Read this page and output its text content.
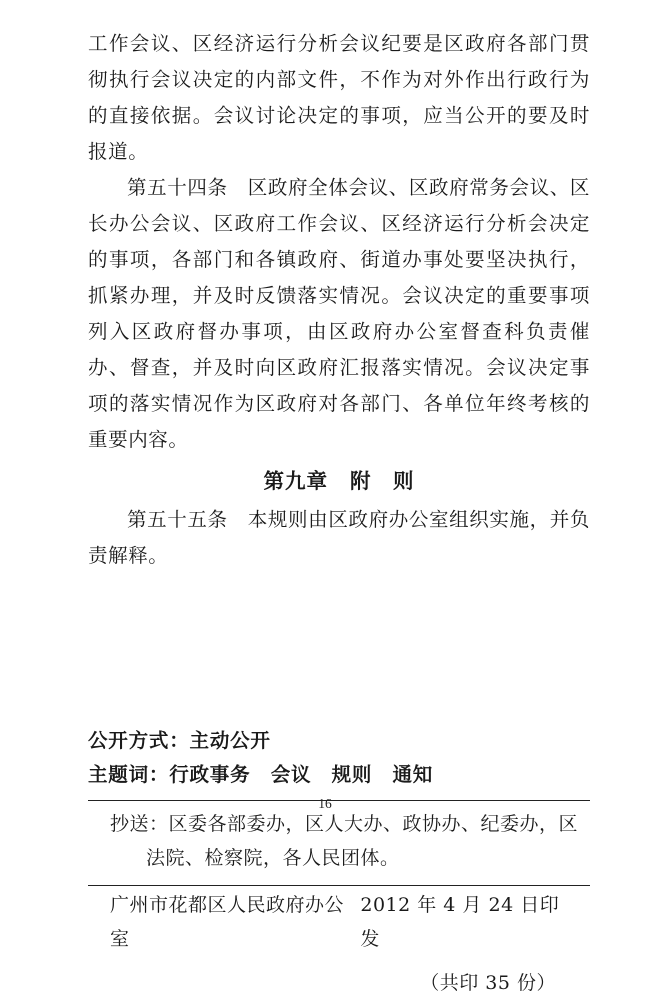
工作会议、区经济运行分析会议纪要是区政府各部门贯彻执行会议决定的内部文件，不作为对外作出行政行为的直接依据。会议讨论决定的事项，应当公开的要及时报道。

第五十四条　区政府全体会议、区政府常务会议、区长办公会议、区政府工作会议、区经济运行分析会决定的事项，各部门和各镇政府、街道办事处要坚决执行，抓紧办理，并及时反馈落实情况。会议决定的重要事项列入区政府督办事项，由区政府办公室督查科负责催办、督查，并及时向区政府汇报落实情况。会议决定事项的落实情况作为区政府对各部门、各单位年终考核的重要内容。

第九章 附　则

第五十五条　本规则由区政府办公室组织实施，并负责解释。

公开方式：主动公开

主题词：行政事务　会议　规则　通知

抄送：区委各部委办，区人大办、政协办、纪委办，区

法院、检察院，各人民团体。

广州市花都区人民政府办公室
2012 年 4 月 24 日印发
（共印 35 份）
16
